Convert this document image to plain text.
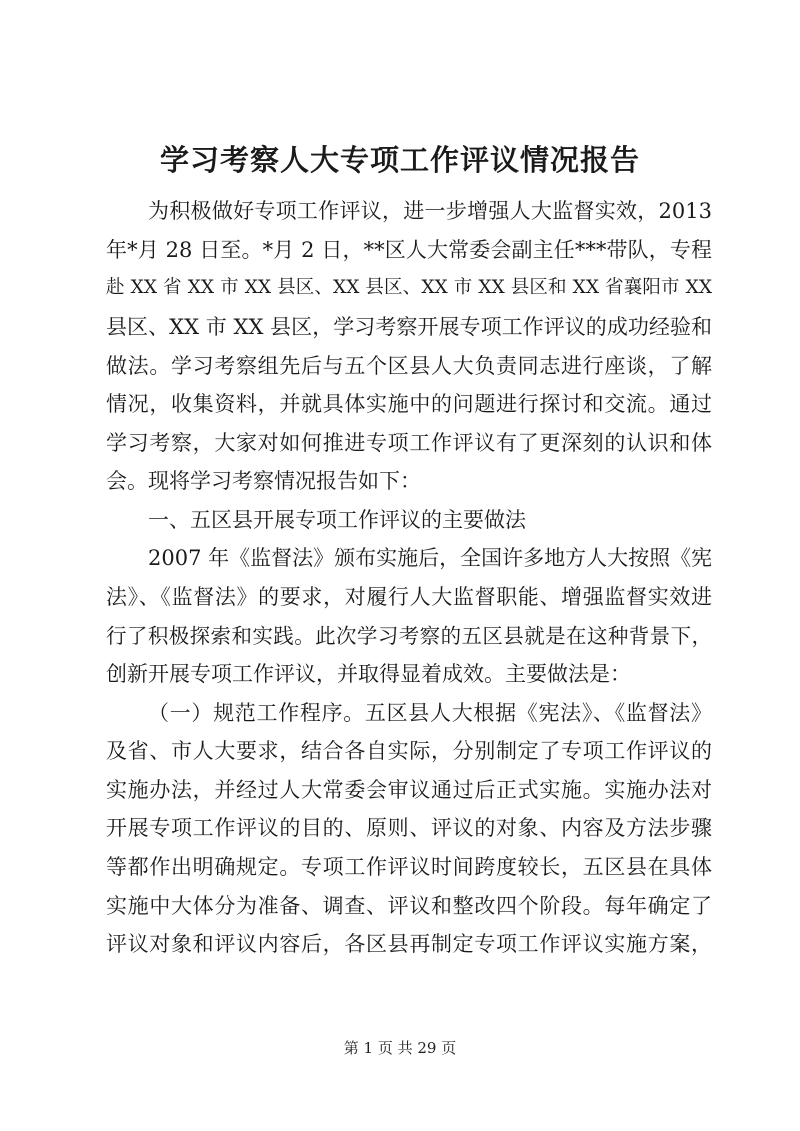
学习考察人大专项工作评议情况报告

为积极做好专项工作评议，进一步增强人大监督实效，2013

年*月 28 日至。*月 2 日，**区人大常委会副主任***带队，专程

赴 XX 省 XX 市 XX 县区、XX 县区、XX 市 XX 县区和 XX 省襄阳市 XX

县区、XX 市 XX 县区，学习考察开展专项工作评议的成功经验和

做法。学习考察组先后与五个区县人大负责同志进行座谈，了解

情况，收集资料，并就具体实施中的问题进行探讨和交流。通过

学习考察，大家对如何推进专项工作评议有了更深刻的认识和体

会。现将学习考察情况报告如下：

一、五区县开展专项工作评议的主要做法

2007 年《监督法》颁布实施后，全国许多地方人大按照《宪

法》、《监督法》的要求，对履行人大监督职能、增强监督实效进

行了积极探索和实践。此次学习考察的五区县就是在这种背景下，

创新开展专项工作评议，并取得显着成效。主要做法是：

（一）规范工作程序。五区县人大根据《宪法》、《监督法》

及省、市人大要求，结合各自实际，分别制定了专项工作评议的

实施办法，并经过人大常委会审议通过后正式实施。实施办法对

开展专项工作评议的目的、原则、评议的对象、内容及方法步骤

等都作出明确规定。专项工作评议时间跨度较长，五区县在具体

实施中大体分为准备、调查、评议和整改四个阶段。每年确定了

评议对象和评议内容后，各区县再制定专项工作评议实施方案，

第 1 页 共 29 页
